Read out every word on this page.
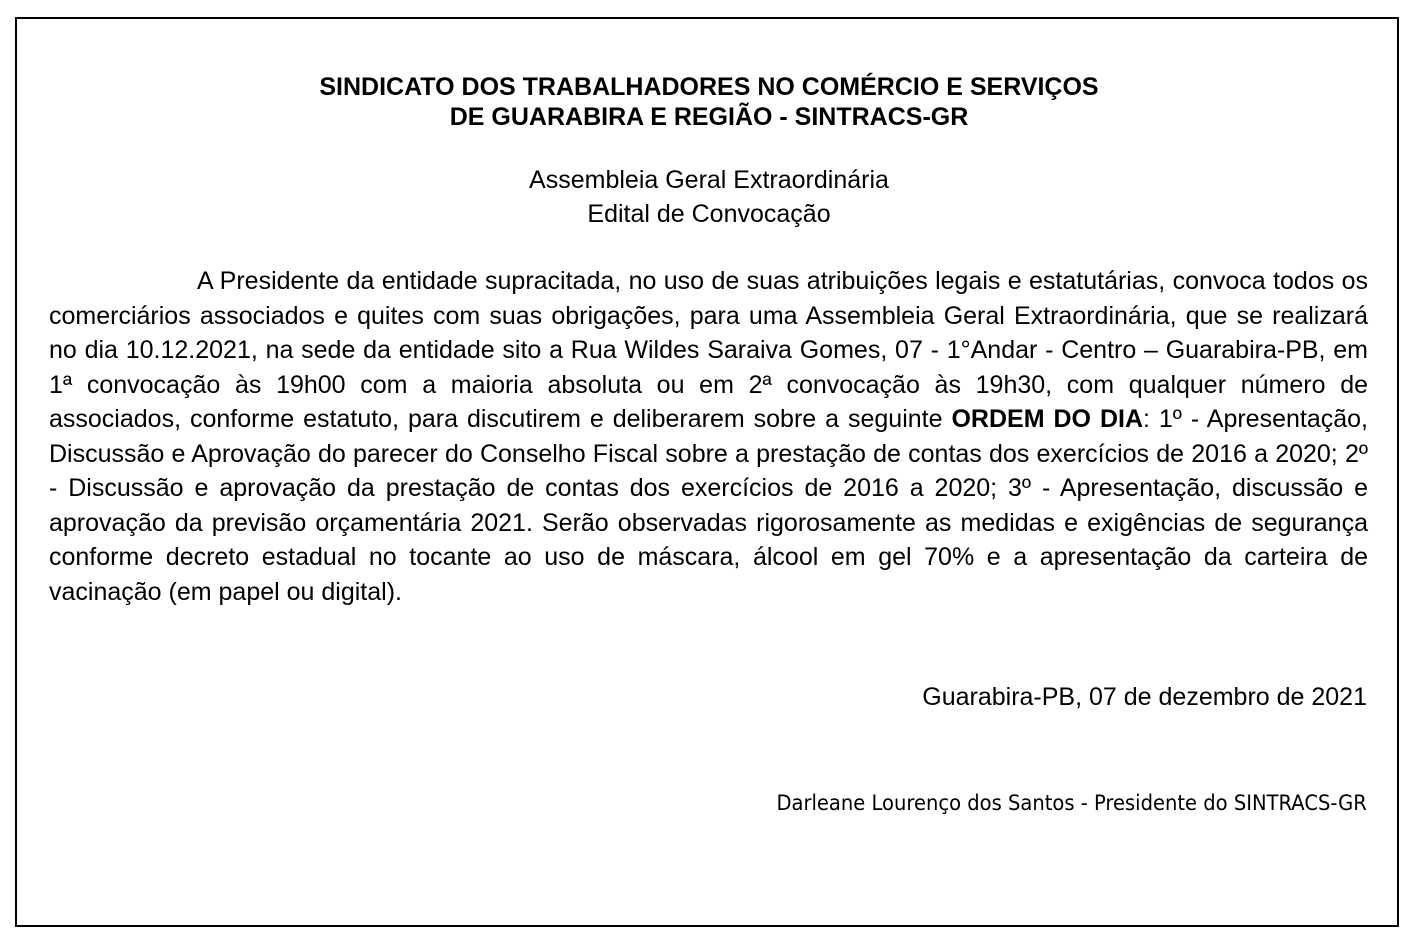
SINDICATO DOS TRABALHADORES NO COMÉRCIO E SERVIÇOS
DE GUARABIRA E REGIÃO - SINTRACS-GR
Assembleia Geral Extraordinária
Edital de Convocação

A Presidente da entidade supracitada, no uso de suas atribuições legais e estatutárias, convoca todos os comerciários associados e quites com suas obrigações, para uma Assembleia Geral Extraordinária, que se realizará no dia 10.12.2021, na sede da entidade sito a Rua Wildes Saraiva Gomes, 07 - 1°Andar - Centro – Guarabira-PB, em 1ª convocação às 19h00 com a maioria absoluta ou em 2ª convocação às 19h30, com qualquer número de associados, conforme estatuto, para discutirem e deliberarem sobre a seguinte ORDEM DO DIA: 1º - Apresentação, Discussão e Aprovação do parecer do Conselho Fiscal sobre a prestação de contas dos exercícios de 2016 a 2020; 2º - Discussão e aprovação da prestação de contas dos exercícios de 2016 a 2020; 3º - Apresentação, discussão e aprovação da previsão orçamentária 2021. Serão observadas rigorosamente as medidas e exigências de segurança conforme decreto estadual no tocante ao uso de máscara, álcool em gel 70% e a apresentação da carteira de vacinação (em papel ou digital).

Guarabira-PB, 07 de dezembro de 2021
Darleane Lourenço dos Santos - Presidente do SINTRACS-GR
